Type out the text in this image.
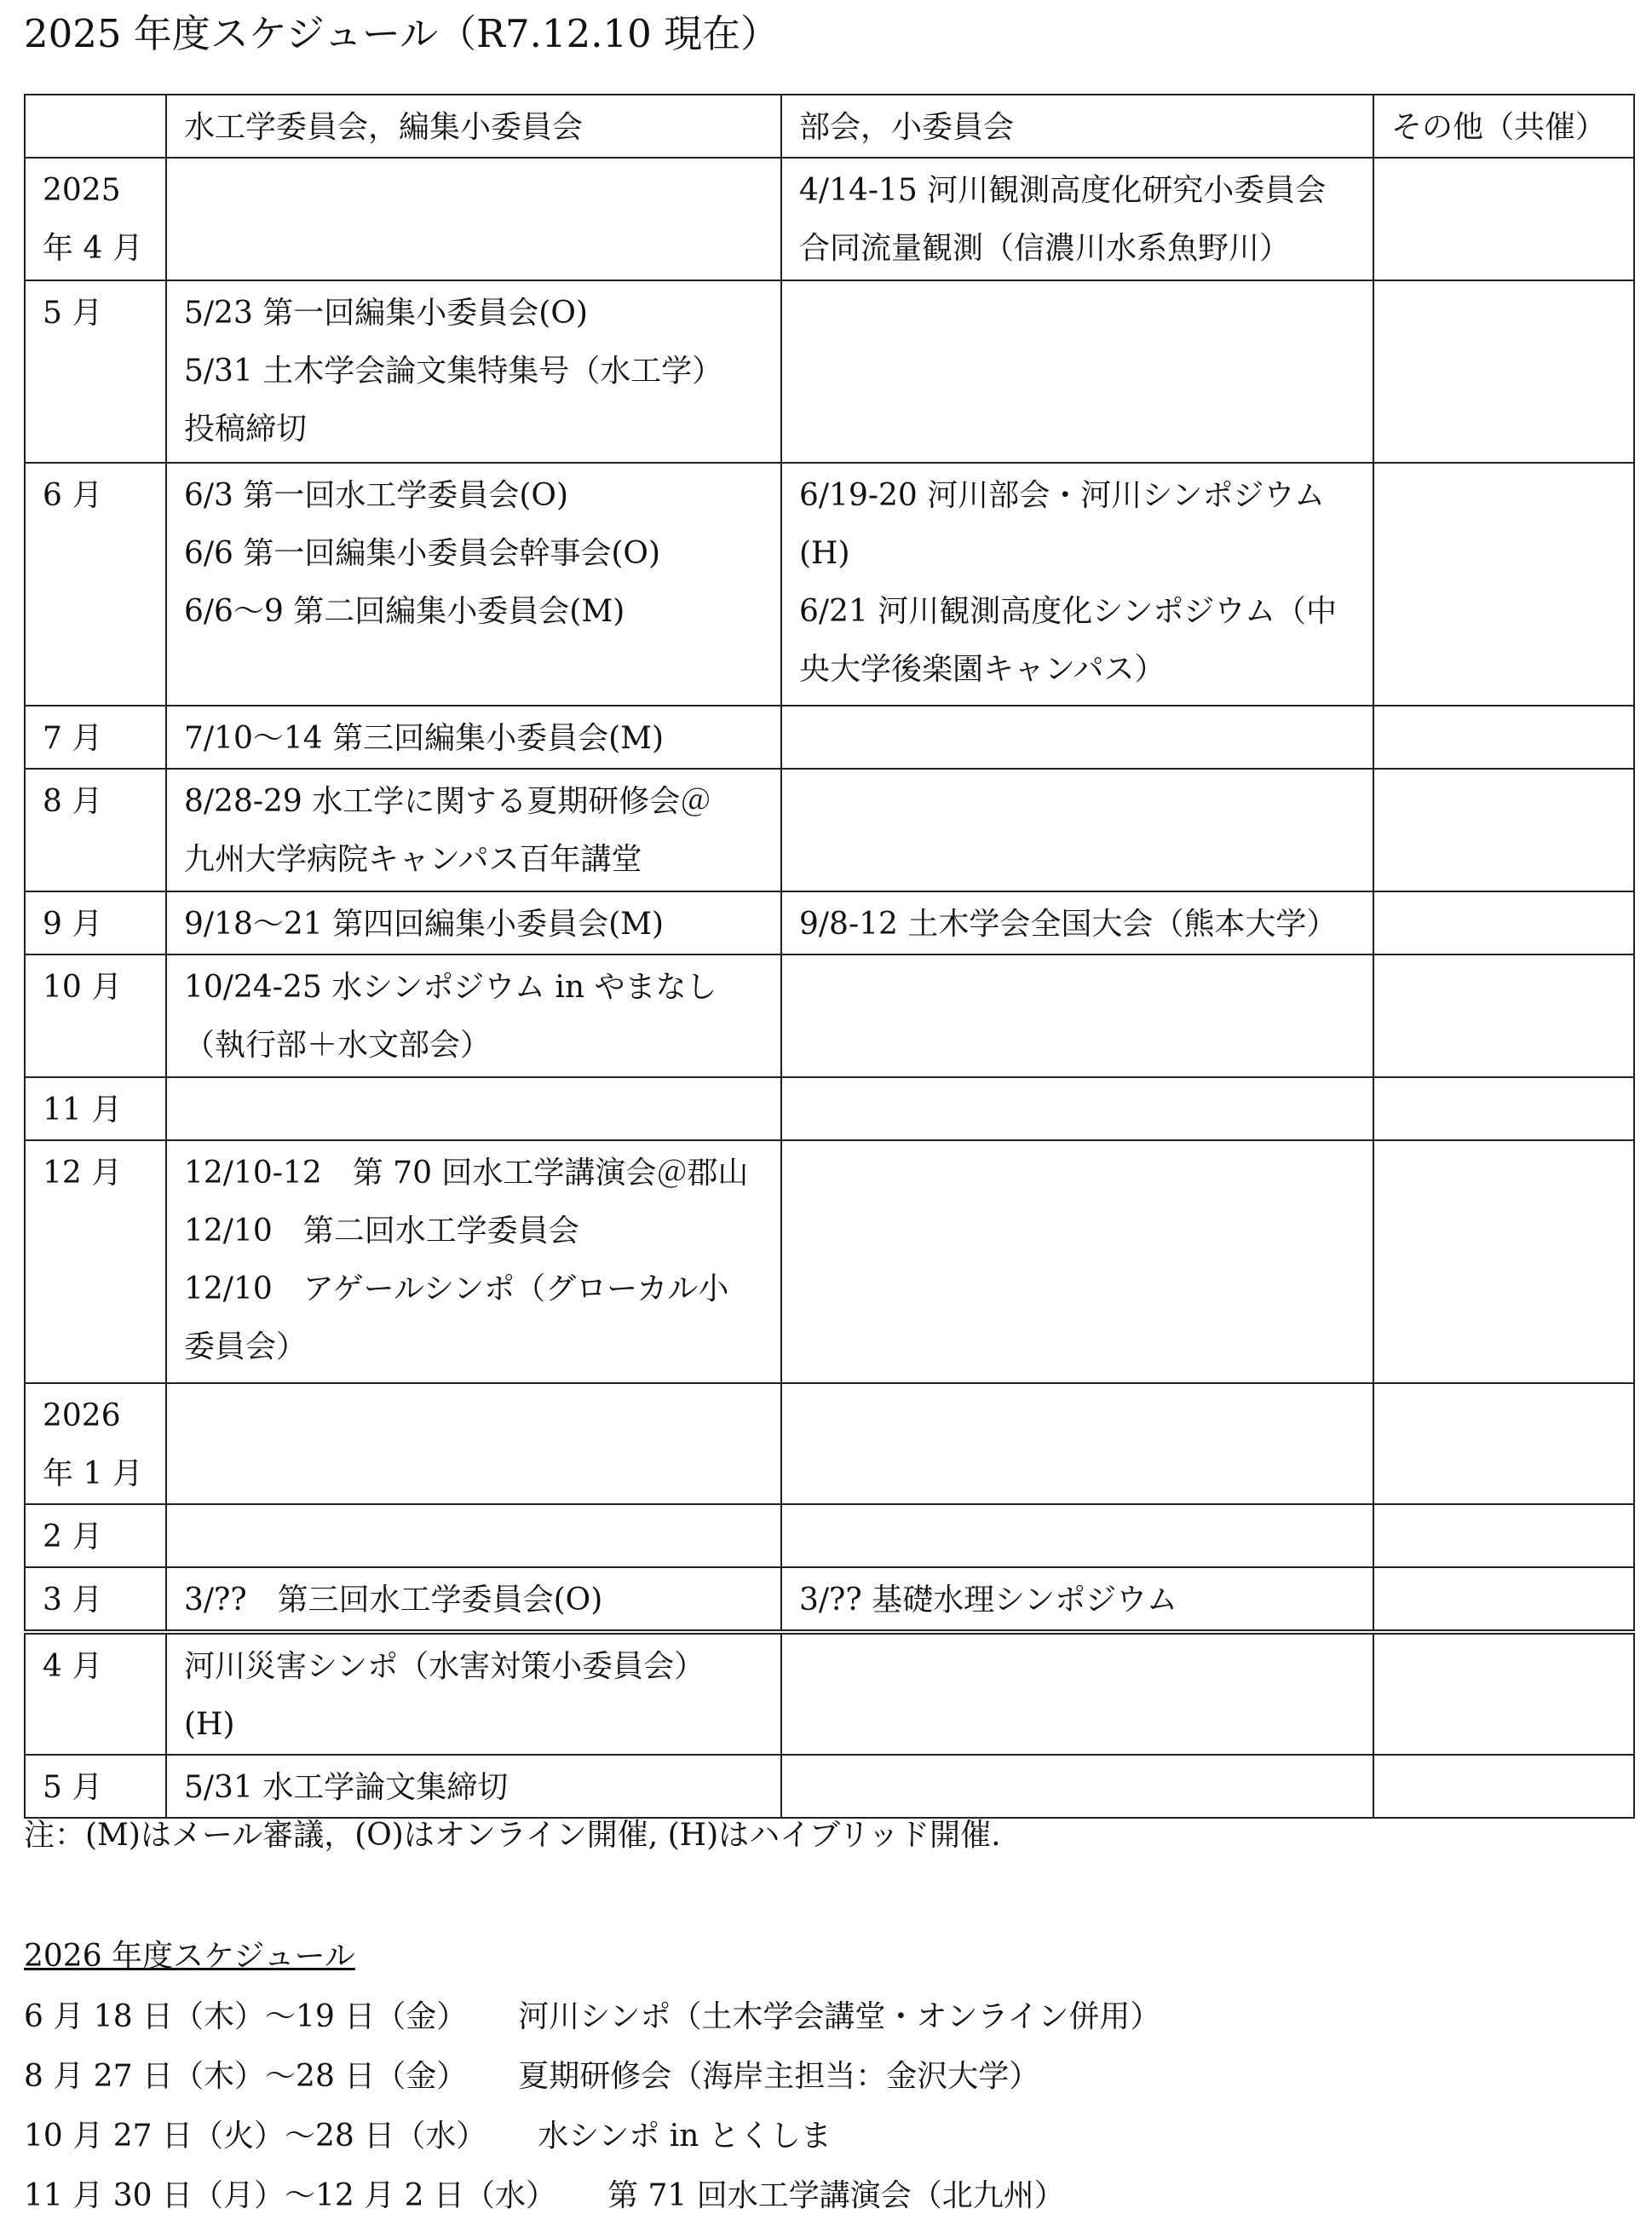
2025 年度スケジュール（R7.12.10 現在）
	水工学委員会，編集小委員会	部会，小委員会	その他（共催）

2025
年 4 月		4/14-15 河川観測高度化研究小委員会
合同流量観測（信濃川水系魚野川）	

5 月	5/23 第一回編集小委員会(O)
5/31 土木学会論文集特集号（水工学）
投稿締切		

6 月	6/3 第一回水工学委員会(O)
6/6 第一回編集小委員会幹事会(O)
6/6～9 第二回編集小委員会(M)	6/19-20 河川部会・河川シンポジウム
(H)
6/21 河川観測高度化シンポジウム（中
央大学後楽園キャンパス）	

7 月	7/10～14 第三回編集小委員会(M)		

8 月	8/28-29 水工学に関する夏期研修会＠
九州大学病院キャンパス百年講堂		

9 月	9/18～21 第四回編集小委員会(M)	9/8-12 土木学会全国大会（熊本大学）	

10 月	10/24-25 水シンポジウム in やまなし
（執行部＋水文部会）		

11 月			

12 月	12/10-12　第 70 回水工学講演会＠郡山
12/10　第二回水工学委員会
12/10　アゲールシンポ（グローカル小
委員会）		

2026
年 1 月			

2 月			

3 月	3/??　第三回水工学委員会(O)	3/?? 基礎水理シンポジウム	

4 月	河川災害シンポ（水害対策小委員会）
(H)		

5 月	5/31 水工学論文集締切		

注：(M)はメール審議，(O)はオンライン開催, (H)はハイブリッド開催.
2026 年度スケジュール
6 月 18 日（木）～19 日（金） 河川シンポ（土木学会講堂・オンライン併用）
8 月 27 日（木）～28 日（金） 夏期研修会（海岸主担当：金沢大学）
10 月 27 日（火）～28 日（水） 水シンポ in とくしま
11 月 30 日（月）～12 月 2 日（水） 第 71 回水工学講演会（北九州）
